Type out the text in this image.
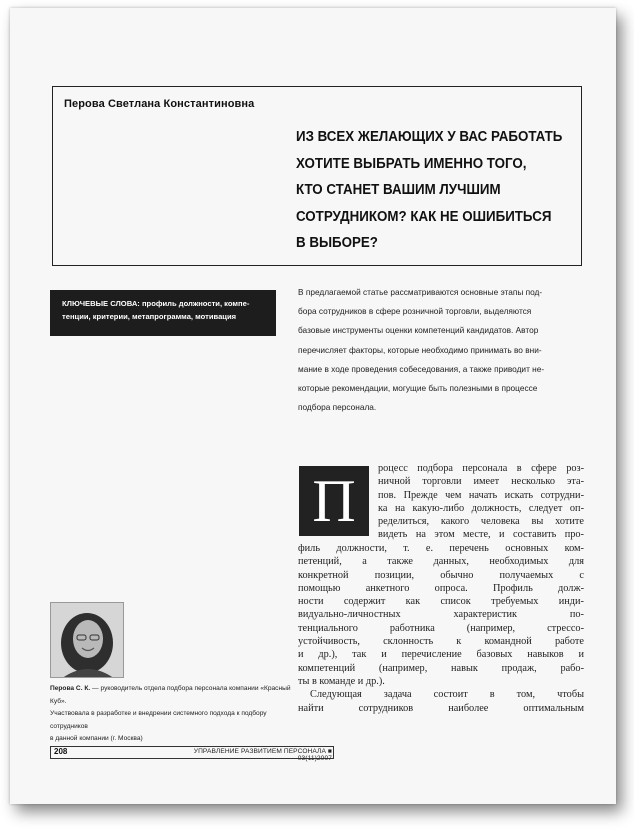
Перова Светлана Константиновна
ИЗ ВСЕХ ЖЕЛАЮЩИХ У ВАС РАБОТАТЬ
ХОТИТЕ ВЫБРАТЬ ИМЕННО ТОГО,
КТО СТАНЕТ ВАШИМ ЛУЧШИМ
СОТРУДНИКОМ? КАК НЕ ОШИБИТЬСЯ
В ВЫБОРЕ?
КЛЮЧЕВЫЕ СЛОВА: профиль должности, компе-
тенции, критерии, метапрограмма, мотивация
В предлагаемой статье рассматриваются основные этапы под-
бора сотрудников в сфере розничной торговли, выделяются
базовые инструменты оценки компетенций кандидатов. Автор
перечисляет факторы, которые необходимо принимать во вни-
мание в ходе проведения собеседования, а также приводит не-
которые рекомендации, могущие быть полезными в процессе
подбора персонала.
П	роцесс подбора персонала в сфере роз-
ничной торговли имеет несколько эта-
пов. Прежде чем начать искать сотрудни-
ка на какую-либо должность, следует оп-
ределиться, какого человека вы хотите
видеть на этом месте, и составить про-
филь должности, т. е. перечень основных ком-
петенций, а также данных, необходимых для
конкретной позиции, обычно получаемых с
помощью анкетного опроса. Профиль долж-
ности содержит как список требуемых инди-
видуально-личностных характеристик по-
тенциального работника (например, стрессо-
устойчивость, склонность к командной работе
и др.), так и перечисление базовых навыков и
компетенций (например, навык продаж, рабо-

ты в команде и др.).

Следующая задача состоит в том, чтобы

найти сотрудников наиболее оптимальным

Перова С. К. — руководитель отдела подбора персонала компании «Красный Куб».
Участвовала в разработке и внедрении системного подхода к подбору сотрудников
в данной компании (г. Москва)
208	УПРАВЛЕНИЕ РАЗВИТИЕМ ПЕРСОНАЛА ■ 03(11)2007
